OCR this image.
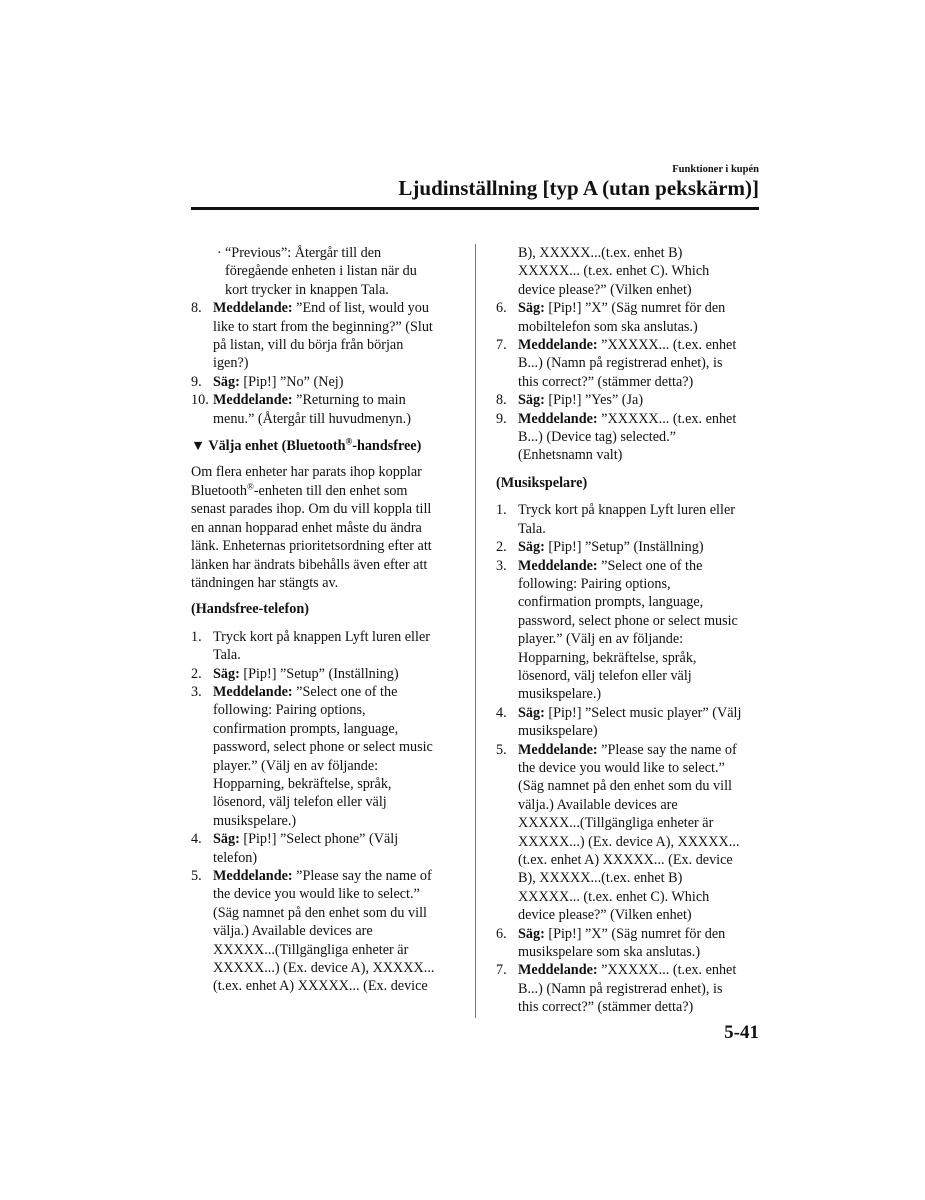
Funktioner i kupén
Ljudinställning [typ A (utan pekskärm)]
· “Previous”: Återgår till den
föregående enheten i listan när du
kort trycker in knappen Tala.
8. Meddelande: ”End of list, would you
like to start from the beginning?” (Slut
på listan, vill du börja från början
igen?)
9. Säg: [Pip!] ”No” (Nej)
10. Meddelande: ”Returning to main
menu.” (Återgår till huvudmenyn.)
▼ Välja enhet (Bluetooth®-handsfree)
Om flera enheter har parats ihop kopplar
Bluetooth®-enheten till den enhet som
senast parades ihop. Om du vill koppla till
en annan hopparad enhet måste du ändra
länk. Enheternas prioritetsordning efter att
länken har ändrats bibehålls även efter att
tändningen har stängts av.
(Handsfree-telefon)
1. Tryck kort på knappen Lyft luren eller
Tala.
2. Säg: [Pip!] ”Setup” (Inställning)
3. Meddelande: ”Select one of the
following: Pairing options,
confirmation prompts, language,
password, select phone or select music
player.” (Välj en av följande:
Hopparning, bekräftelse, språk,
lösenord, välj telefon eller välj
musikspelare.)
4. Säg: [Pip!] ”Select phone” (Välj
telefon)
5. Meddelande: ”Please say the name of
the device you would like to select.”
(Säg namnet på den enhet som du vill
välja.) Available devices are
XXXXX...(Tillgängliga enheter är
XXXXX...) (Ex. device A), XXXXX...
(t.ex. enhet A) XXXXX... (Ex. device
B), XXXXX...(t.ex. enhet B)
XXXXX... (t.ex. enhet C). Which
device please?” (Vilken enhet)
6. Säg: [Pip!] ”X” (Säg numret för den
mobiltelefon som ska anslutas.)
7. Meddelande: ”XXXXX... (t.ex. enhet
B...) (Namn på registrerad enhet), is
this correct?” (stämmer detta?)
8. Säg: [Pip!] ”Yes” (Ja)
9. Meddelande: ”XXXXX... (t.ex. enhet
B...) (Device tag) selected.”
(Enhetsnamn valt)
(Musikspelare)
1. Tryck kort på knappen Lyft luren eller
Tala.
2. Säg: [Pip!] ”Setup” (Inställning)
3. Meddelande: ”Select one of the
following: Pairing options,
confirmation prompts, language,
password, select phone or select music
player.” (Välj en av följande:
Hopparning, bekräftelse, språk,
lösenord, välj telefon eller välj
musikspelare.)
4. Säg: [Pip!] ”Select music player” (Välj
musikspelare)
5. Meddelande: ”Please say the name of
the device you would like to select.”
(Säg namnet på den enhet som du vill
välja.) Available devices are
XXXXX...(Tillgängliga enheter är
XXXXX...) (Ex. device A), XXXXX...
(t.ex. enhet A) XXXXX... (Ex. device
B), XXXXX...(t.ex. enhet B)
XXXXX... (t.ex. enhet C). Which
device please?” (Vilken enhet)
6. Säg: [Pip!] ”X” (Säg numret för den
musikspelare som ska anslutas.)
7. Meddelande: ”XXXXX... (t.ex. enhet
B...) (Namn på registrerad enhet), is
this correct?” (stämmer detta?)
5-41
